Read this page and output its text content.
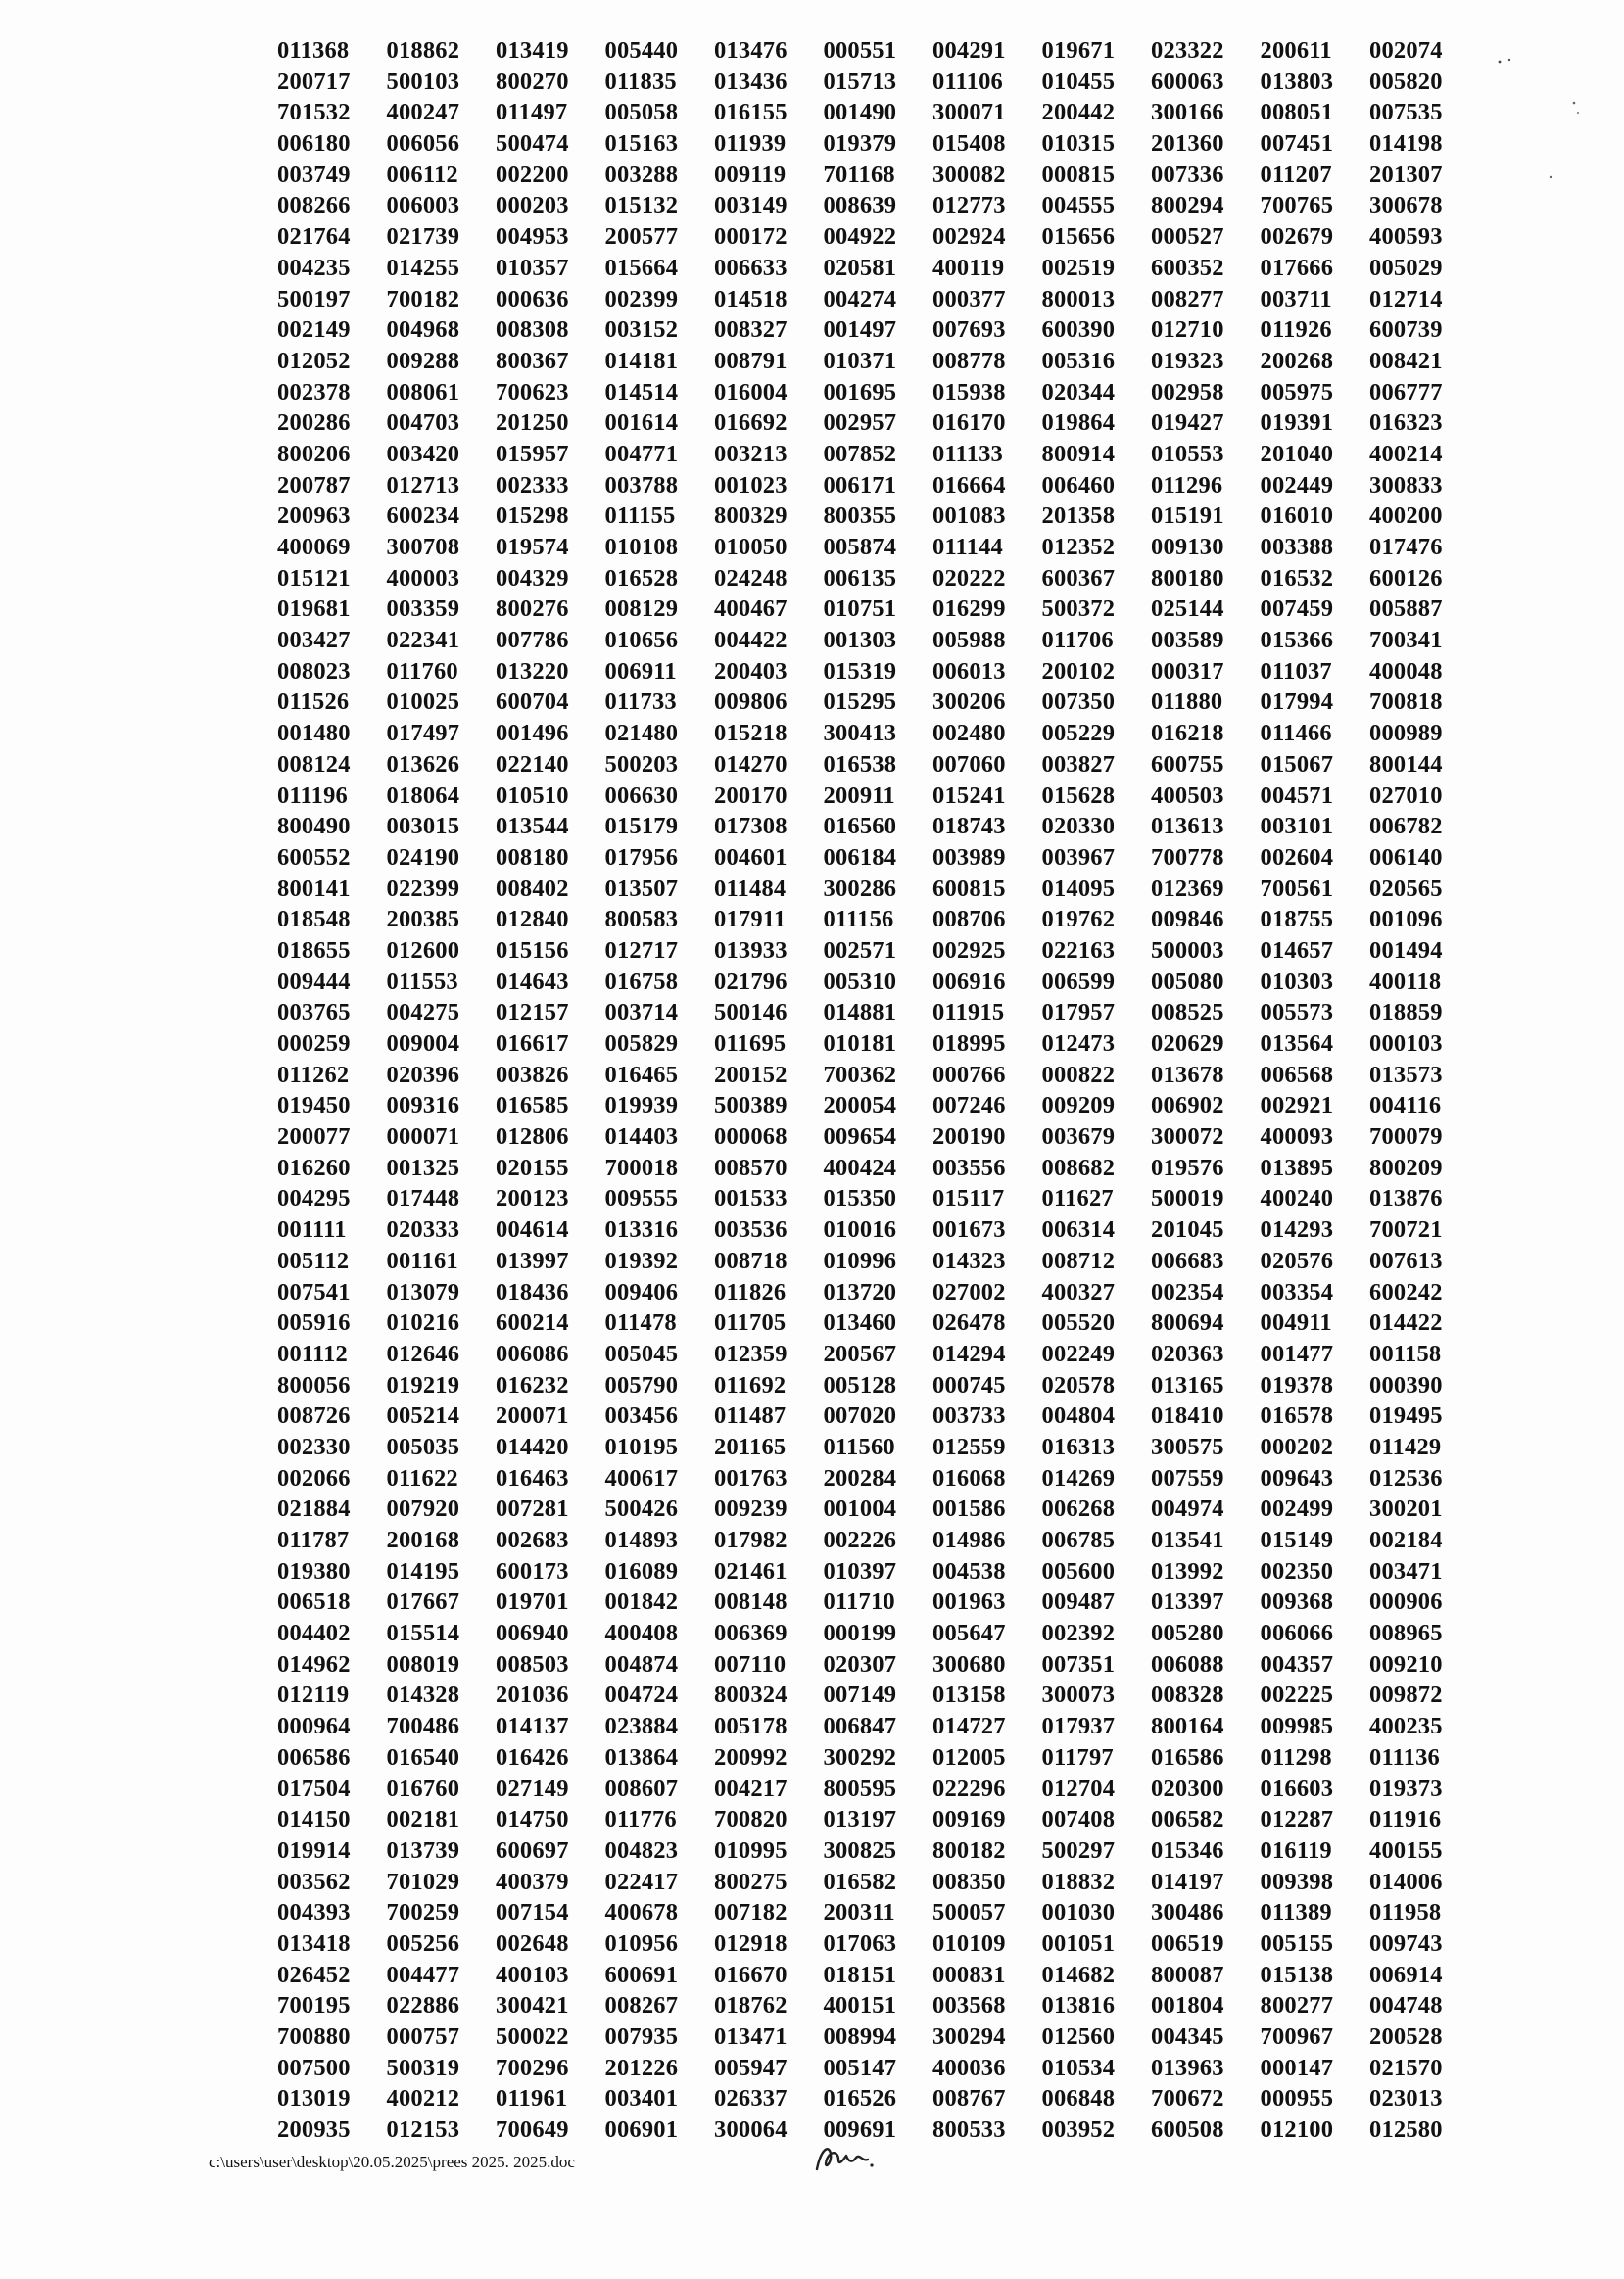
011368	018862	013419	005440	013476	000551	004291	019671	023322	200611	002074
200717	500103	800270	011835	013436	015713	011106	010455	600063	013803	005820
701532	400247	011497	005058	016155	001490	300071	200442	300166	008051	007535
006180	006056	500474	015163	011939	019379	015408	010315	201360	007451	014198
003749	006112	002200	003288	009119	701168	300082	000815	007336	011207	201307
008266	006003	000203	015132	003149	008639	012773	004555	800294	700765	300678
021764	021739	004953	200577	000172	004922	002924	015656	000527	002679	400593
004235	014255	010357	015664	006633	020581	400119	002519	600352	017666	005029
500197	700182	000636	002399	014518	004274	000377	800013	008277	003711	012714
002149	004968	008308	003152	008327	001497	007693	600390	012710	011926	600739
012052	009288	800367	014181	008791	010371	008778	005316	019323	200268	008421
002378	008061	700623	014514	016004	001695	015938	020344	002958	005975	006777
200286	004703	201250	001614	016692	002957	016170	019864	019427	019391	016323
800206	003420	015957	004771	003213	007852	011133	800914	010553	201040	400214
200787	012713	002333	003788	001023	006171	016664	006460	011296	002449	300833
200963	600234	015298	011155	800329	800355	001083	201358	015191	016010	400200
400069	300708	019574	010108	010050	005874	011144	012352	009130	003388	017476
015121	400003	004329	016528	024248	006135	020222	600367	800180	016532	600126
019681	003359	800276	008129	400467	010751	016299	500372	025144	007459	005887
003427	022341	007786	010656	004422	001303	005988	011706	003589	015366	700341
008023	011760	013220	006911	200403	015319	006013	200102	000317	011037	400048
011526	010025	600704	011733	009806	015295	300206	007350	011880	017994	700818
001480	017497	001496	021480	015218	300413	002480	005229	016218	011466	000989
008124	013626	022140	500203	014270	016538	007060	003827	600755	015067	800144
011196	018064	010510	006630	200170	200911	015241	015628	400503	004571	027010
800490	003015	013544	015179	017308	016560	018743	020330	013613	003101	006782
600552	024190	008180	017956	004601	006184	003989	003967	700778	002604	006140
800141	022399	008402	013507	011484	300286	600815	014095	012369	700561	020565
018548	200385	012840	800583	017911	011156	008706	019762	009846	018755	001096
018655	012600	015156	012717	013933	002571	002925	022163	500003	014657	001494
009444	011553	014643	016758	021796	005310	006916	006599	005080	010303	400118
003765	004275	012157	003714	500146	014881	011915	017957	008525	005573	018859
000259	009004	016617	005829	011695	010181	018995	012473	020629	013564	000103
011262	020396	003826	016465	200152	700362	000766	000822	013678	006568	013573
019450	009316	016585	019939	500389	200054	007246	009209	006902	002921	004116
200077	000071	012806	014403	000068	009654	200190	003679	300072	400093	700079
016260	001325	020155	700018	008570	400424	003556	008682	019576	013895	800209
004295	017448	200123	009555	001533	015350	015117	011627	500019	400240	013876
001111	020333	004614	013316	003536	010016	001673	006314	201045	014293	700721
005112	001161	013997	019392	008718	010996	014323	008712	006683	020576	007613
007541	013079	018436	009406	011826	013720	027002	400327	002354	003354	600242
005916	010216	600214	011478	011705	013460	026478	005520	800694	004911	014422
001112	012646	006086	005045	012359	200567	014294	002249	020363	001477	001158
800056	019219	016232	005790	011692	005128	000745	020578	013165	019378	000390
008726	005214	200071	003456	011487	007020	003733	004804	018410	016578	019495
002330	005035	014420	010195	201165	011560	012559	016313	300575	000202	011429
002066	011622	016463	400617	001763	200284	016068	014269	007559	009643	012536
021884	007920	007281	500426	009239	001004	001586	006268	004974	002499	300201
011787	200168	002683	014893	017982	002226	014986	006785	013541	015149	002184
019380	014195	600173	016089	021461	010397	004538	005600	013992	002350	003471
006518	017667	019701	001842	008148	011710	001963	009487	013397	009368	000906
004402	015514	006940	400408	006369	000199	005647	002392	005280	006066	008965
014962	008019	008503	004874	007110	020307	300680	007351	006088	004357	009210
012119	014328	201036	004724	800324	007149	013158	300073	008328	002225	009872
000964	700486	014137	023884	005178	006847	014727	017937	800164	009985	400235
006586	016540	016426	013864	200992	300292	012005	011797	016586	011298	011136
017504	016760	027149	008607	004217	800595	022296	012704	020300	016603	019373
014150	002181	014750	011776	700820	013197	009169	007408	006582	012287	011916
019914	013739	600697	004823	010995	300825	800182	500297	015346	016119	400155
003562	701029	400379	022417	800275	016582	008350	018832	014197	009398	014006
004393	700259	007154	400678	007182	200311	500057	001030	300486	011389	011958
013418	005256	002648	010956	012918	017063	010109	001051	006519	005155	009743
026452	004477	400103	600691	016670	018151	000831	014682	800087	015138	006914
700195	022886	300421	008267	018762	400151	003568	013816	001804	800277	004748
700880	000757	500022	007935	013471	008994	300294	012560	004345	700967	200528
007500	500319	700296	201226	005947	005147	400036	010534	013963	000147	021570
013019	400212	011961	003401	026337	016526	008767	006848	700672	000955	023013
200935	012153	700649	006901	300064	009691	800533	003952	600508	012100	012580
c:\users\user\desktop\20.05.2025\prees 2025. 2025.doc
